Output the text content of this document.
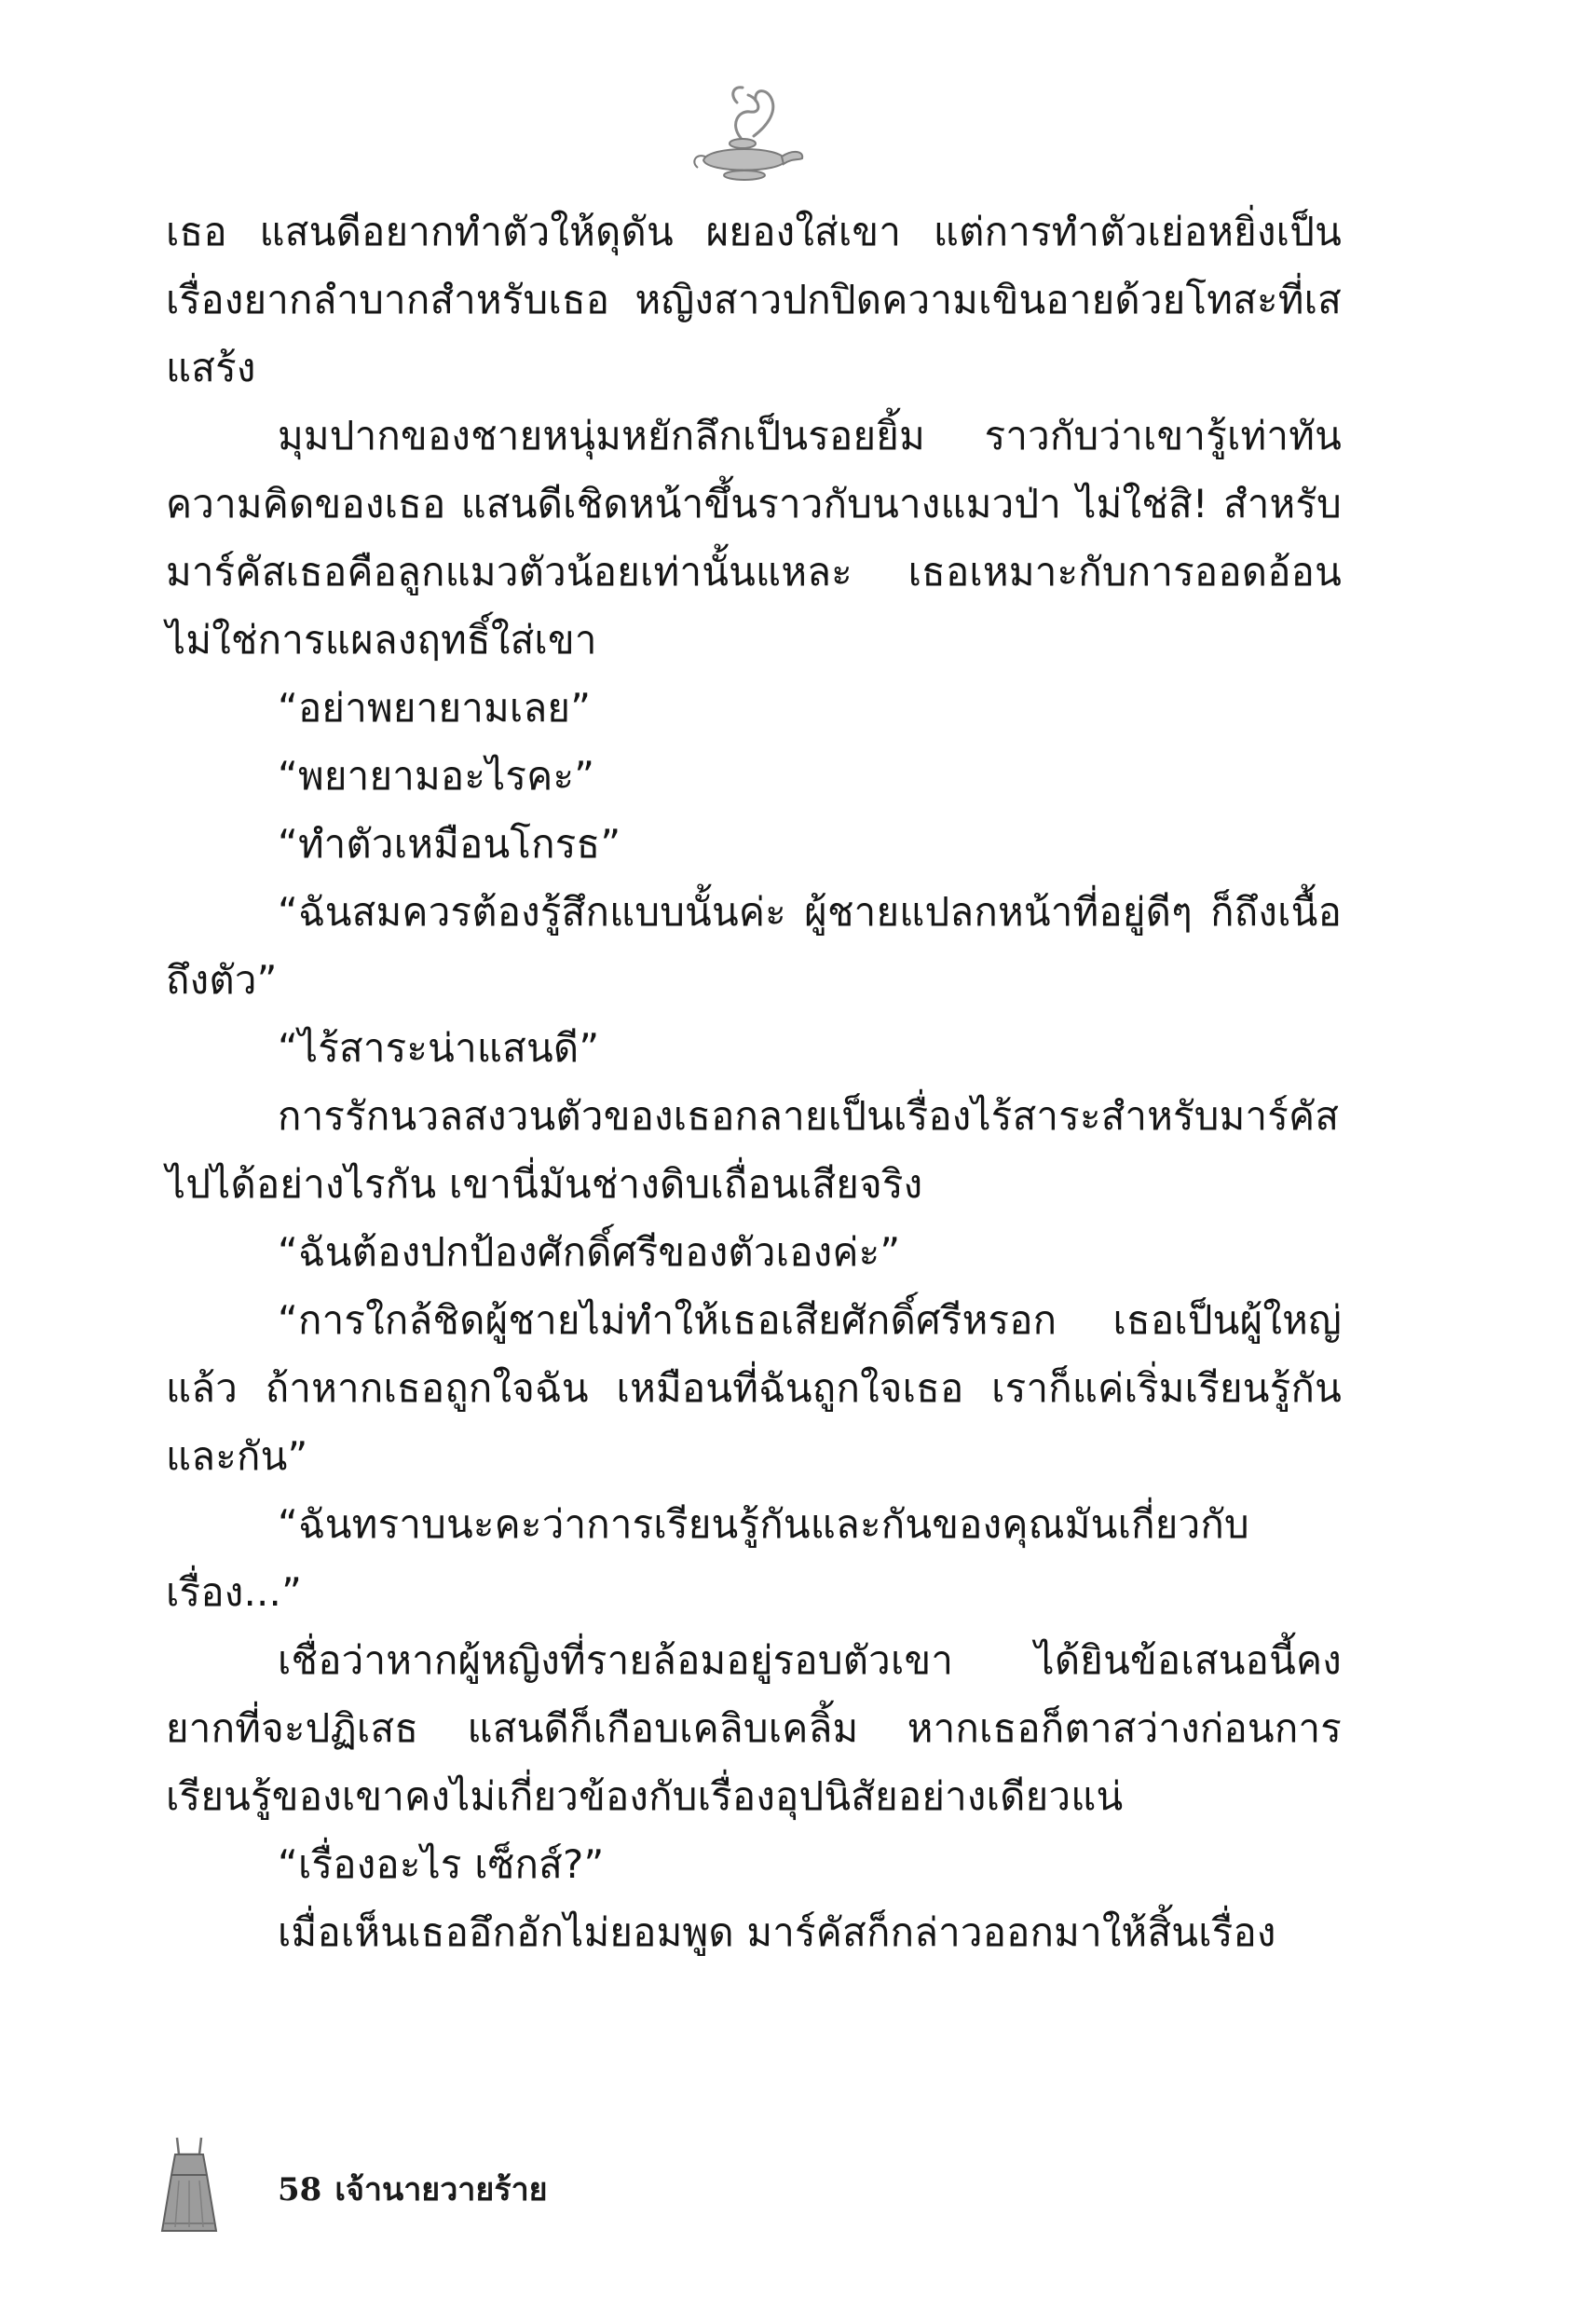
เธอ แสนดีอยากทำตัวให้ดุดัน ผยองใส่เขา แต่การทำตัวเย่อหยิ่งเป็นเรื่องยากลำบากสำหรับเธอ หญิงสาวปกปิดความเขินอายด้วยโทสะที่เสแสร้ง

มุมปากของชายหนุ่มหยักลึกเป็นรอยยิ้ม ราวกับว่าเขารู้เท่าทันความคิดของเธอ แสนดีเชิดหน้าขึ้นราวกับนางแมวป่า ไม่ใช่สิ! สำหรับมาร์คัสเธอคือลูกแมวตัวน้อยเท่านั้นแหละ เธอเหมาะกับการออดอ้อนไม่ใช่การแผลงฤทธิ์ใส่เขา

“อย่าพยายามเลย”

“พยายามอะไรคะ”

“ทำตัวเหมือนโกรธ”

“ฉันสมควรต้องรู้สึกแบบนั้นค่ะ ผู้ชายแปลกหน้าที่อยู่ดีๆ ก็ถึงเนื้อถึงตัว”

“ไร้สาระน่าแสนดี”

การรักนวลสงวนตัวของเธอกลายเป็นเรื่องไร้สาระสำหรับมาร์คัสไปได้อย่างไรกัน เขานี่มันช่างดิบเถื่อนเสียจริง

“ฉันต้องปกป้องศักดิ์ศรีของตัวเองค่ะ”

“การใกล้ชิดผู้ชายไม่ทำให้เธอเสียศักดิ์ศรีหรอก เธอเป็นผู้ใหญ่แล้ว ถ้าหากเธอถูกใจฉัน เหมือนที่ฉันถูกใจเธอ เราก็แค่เริ่มเรียนรู้กันและกัน”

“ฉันทราบนะคะว่าการเรียนรู้กันและกันของคุณมันเกี่ยวกับเรื่อง...”

เชื่อว่าหากผู้หญิงที่รายล้อมอยู่รอบตัวเขา ได้ยินข้อเสนอนี้คงยากที่จะปฏิเสธ แสนดีก็เกือบเคลิบเคลิ้ม หากเธอก็ตาสว่างก่อนการเรียนรู้ของเขาคงไม่เกี่ยวข้องกับเรื่องอุปนิสัยอย่างเดียวแน่

“เรื่องอะไร เซ็กส์?”

เมื่อเห็นเธออึกอักไม่ยอมพูด มาร์คัสก็กล่าวออกมาให้สิ้นเรื่อง

58 เจ้านายวายร้าย
